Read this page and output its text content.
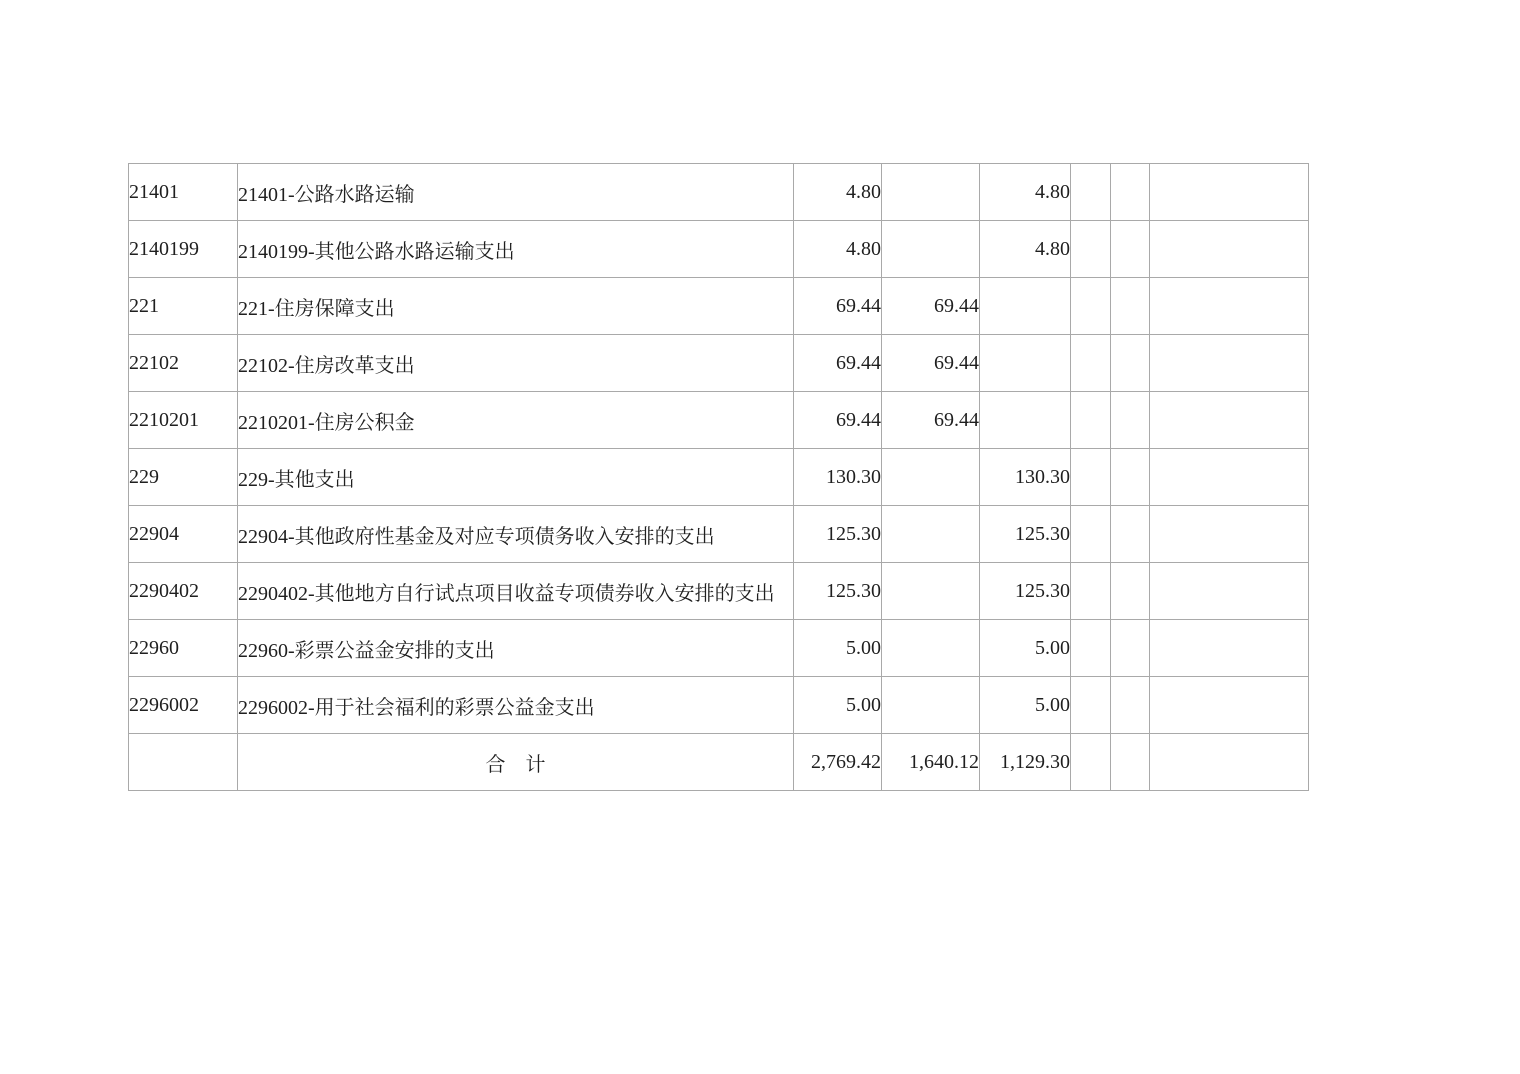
21401	21401-公路水路运输	4.80		4.80			
2140199	2140199-其他公路水路运输支出	4.80		4.80			
221	221-住房保障支出	69.44	69.44				
22102	22102-住房改革支出	69.44	69.44				
2210201	2210201-住房公积金	69.44	69.44				
229	229-其他支出	130.30		130.30			
22904	22904-其他政府性基金及对应专项债务收入安排的支出	125.30		125.30			
2290402	2290402-其他地方自行试点项目收益专项债券收入安排的支出	125.30		125.30			
22960	22960-彩票公益金安排的支出	5.00		5.00			
2296002	2296002-用于社会福利的彩票公益金支出	5.00		5.00			
	合　计	2,769.42	1,640.12	1,129.30			
